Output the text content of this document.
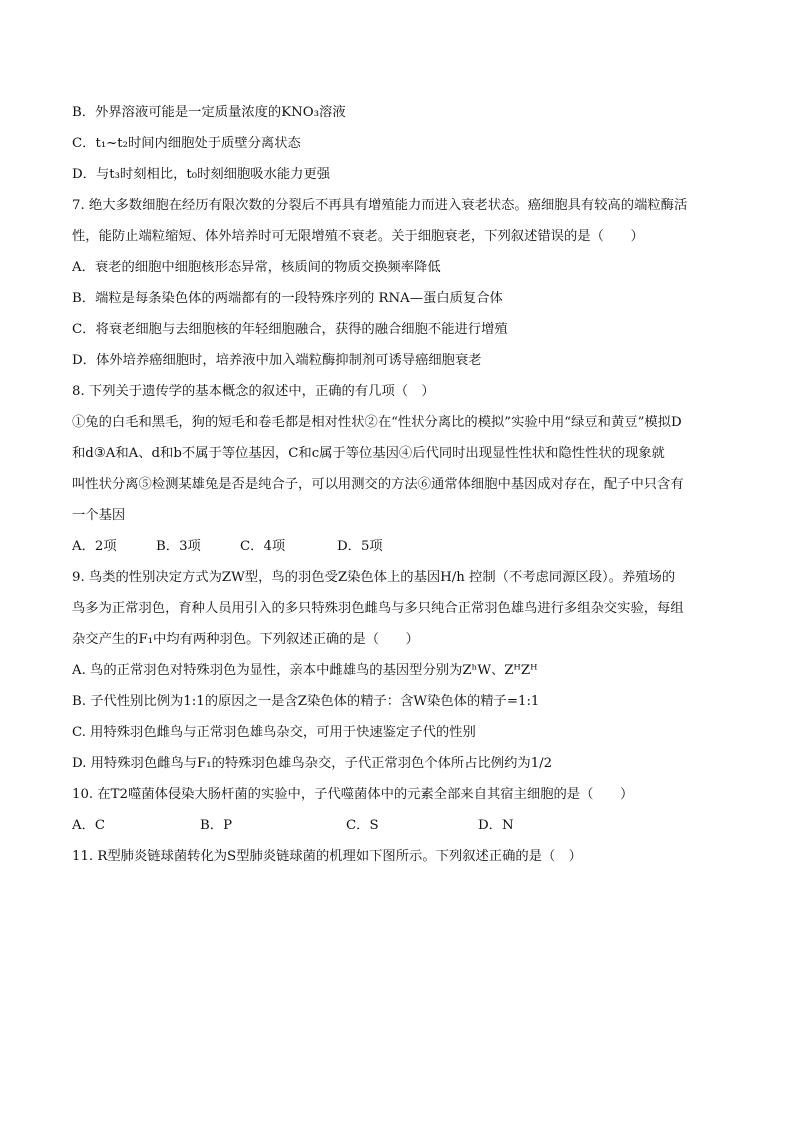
B．外界溶液可能是一定质量浓度的KNO₃溶液

C．t₁~t₂时间内细胞处于质壁分离状态

D．与t₃时刻相比，t₀时刻细胞吸水能力更强

7. 绝大多数细胞在经历有限次数的分裂后不再具有增殖能力而进入衰老状态。癌细胞具有较高的端粒酶活

性，能防止端粒缩短、体外培养时可无限增殖不衰老。关于细胞衰老，下列叙述错误的是（　　）

A．衰老的细胞中细胞核形态异常，核质间的物质交换频率降低

B．端粒是每条染色体的两端都有的一段特殊序列的 RNA—蛋白质复合体

C．将衰老细胞与去细胞核的年轻细胞融合，获得的融合细胞不能进行增殖

D．体外培养癌细胞时，培养液中加入端粒酶抑制剂可诱导癌细胞衰老

8. 下列关于遗传学的基本概念的叙述中，正确的有几项（　）

①兔的白毛和黑毛，狗的短毛和卷毛都是相对性状②在“性状分离比的模拟”实验中用“绿豆和黄豆”模拟D

和d③A和A、d和b不属于等位基因，C和c属于等位基因④后代同时出现显性性状和隐性性状的现象就

叫性状分离⑤检测某雄兔是否是纯合子，可以用测交的方法⑥通常体细胞中基因成对存在，配子中只含有

一个基因

A．2项	B．3项	C．4项	D．5项

9. 鸟类的性别决定方式为ZW型，鸟的羽色受Z染色体上的基因H/h 控制（不考虑同源区段）。养殖场的

鸟多为正常羽色，育种人员用引入的多只特殊羽色雌鸟与多只纯合正常羽色雄鸟进行多组杂交实验，每组

杂交产生的F₁中均有两种羽色。下列叙述正确的是（　　）

A. 鸟的正常羽色对特殊羽色为显性，亲本中雌雄鸟的基因型分别为ZʰW、ZᴴZᴴ

B. 子代性别比例为1:1的原因之一是含Z染色体的精子：含W染色体的精子=1:1

C. 用特殊羽色雌鸟与正常羽色雄鸟杂交，可用于快速鉴定子代的性别

D. 用特殊羽色雌鸟与F₁的特殊羽色雄鸟杂交，子代正常羽色个体所占比例约为1/2

10. 在T2噬菌体侵染大肠杆菌的实验中，子代噬菌体中的元素全部来自其宿主细胞的是（　　）

A．C	B．P	C．S	D．N

11. R型肺炎链球菌转化为S型肺炎链球菌的机理如下图所示。下列叙述正确的是（　）
